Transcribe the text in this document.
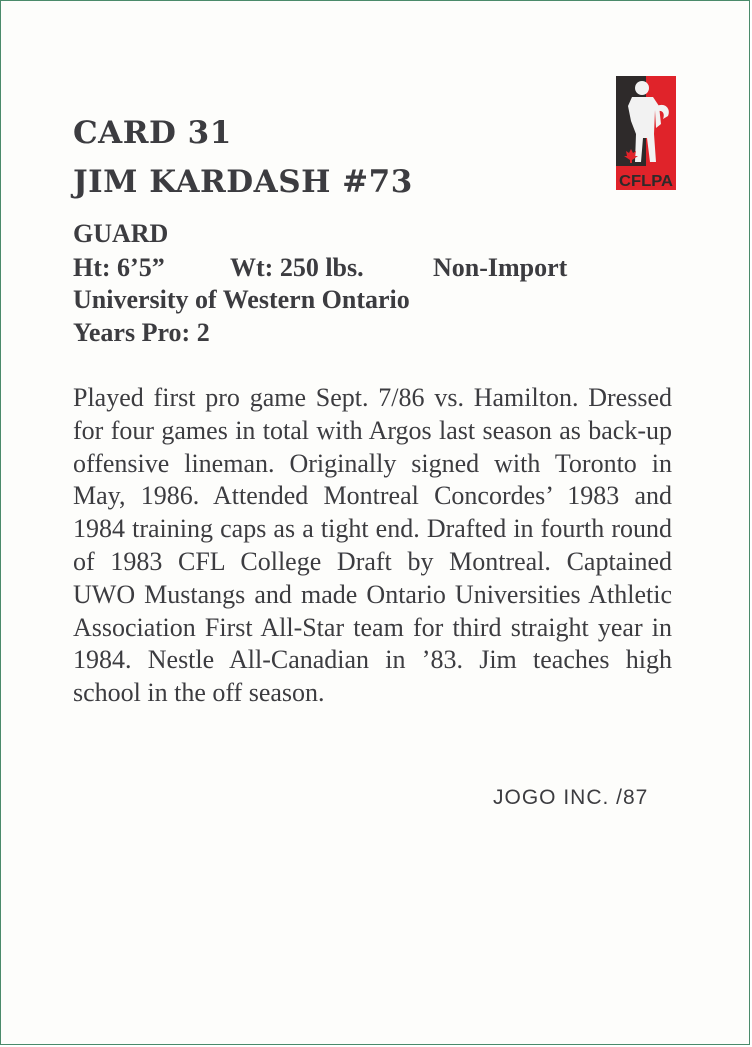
CARD 31
JIM KARDASH #73
GUARD
Ht: 6’5”	Wt: 250 lbs.	Non-Import
University of Western Ontario
Years Pro: 2

Played first pro game Sept. 7/86 vs. Hamilton. Dressed for four games in total with Argos last season as back-up offensive lineman. Originally signed with Toronto in May, 1986. Attended Montreal Concordes’ 1983 and 1984 training caps as a tight end. Drafted in fourth round of 1983 CFL College Draft by Montreal. Captained UWO Mustangs and made Ontario Universities Athletic Association First All-Star team for third straight year in 1984. Nestle All-Canadian in ’83. Jim teaches high school in the off season.

JOGO INC. /87
CFLPA
